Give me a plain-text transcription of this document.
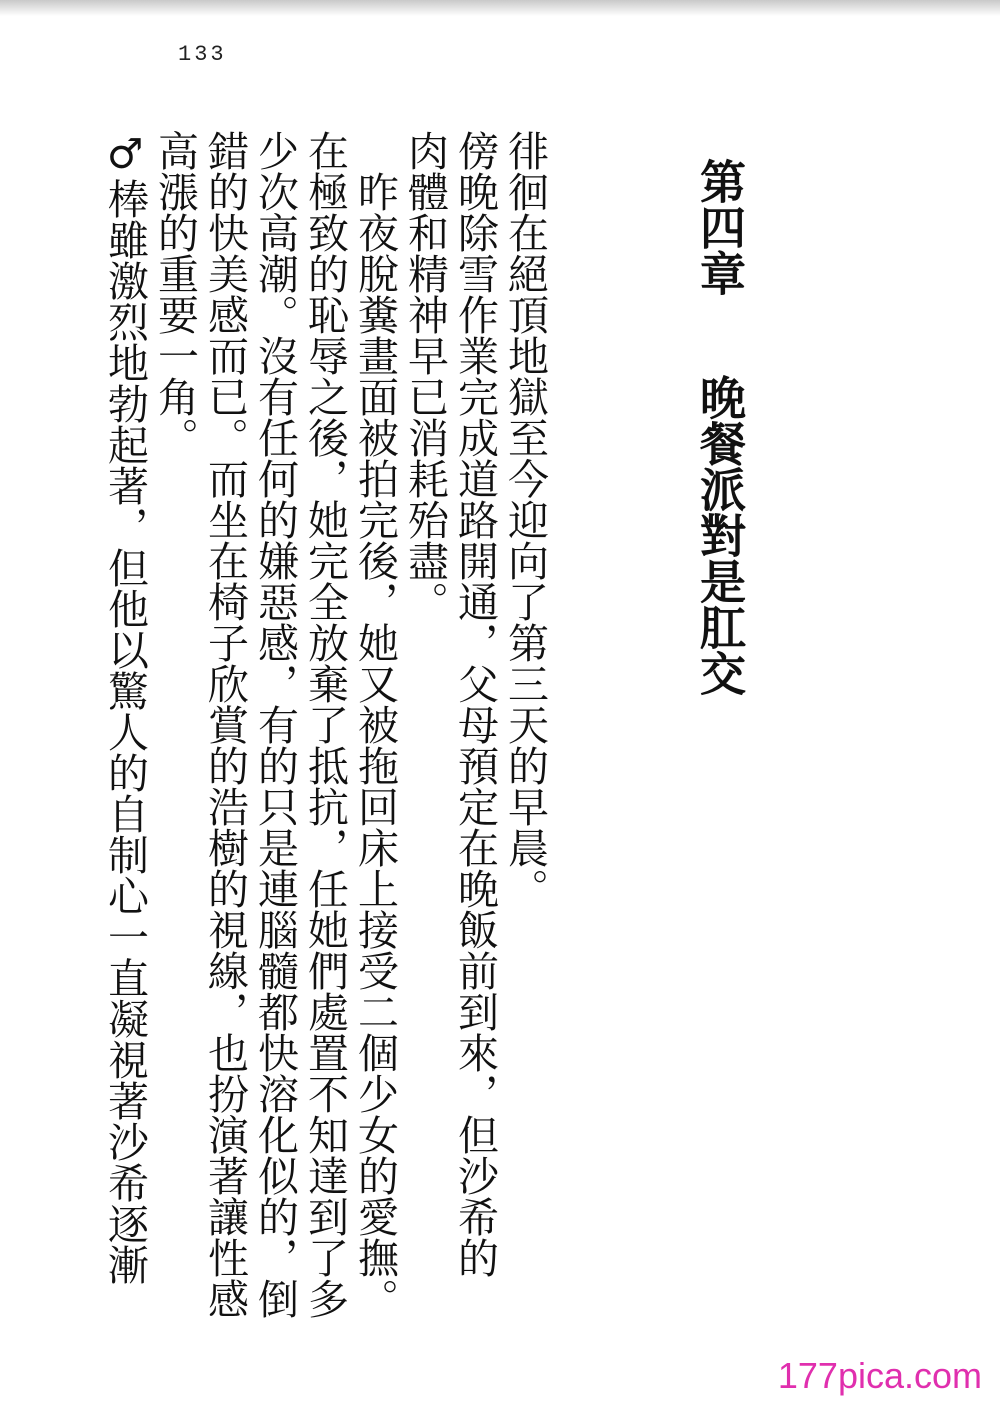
133
第四章 晚餐派對是肛交

徘徊在絕頂地獄至今迎向了第三天的早晨。

傍晚除雪作業完成道路開通，父母預定在晚飯前到來，但沙希的

肉體和精神早已消耗殆盡。

　昨夜脫糞畫面被拍完後，她又被拖回床上接受二個少女的愛撫。

在極致的恥辱之後，她完全放棄了抵抗，任她們處置不知達到了多

少次高潮。沒有任何的嫌惡感，有的只是連腦髓都快溶化似的，倒

錯的快美感而已。而坐在椅子欣賞的浩樹的視線，也扮演著讓性感

高漲的重要一角。

♂棒雖激烈地勃起著，但他以驚人的自制心一直凝視著沙希逐漸

177pica.com
